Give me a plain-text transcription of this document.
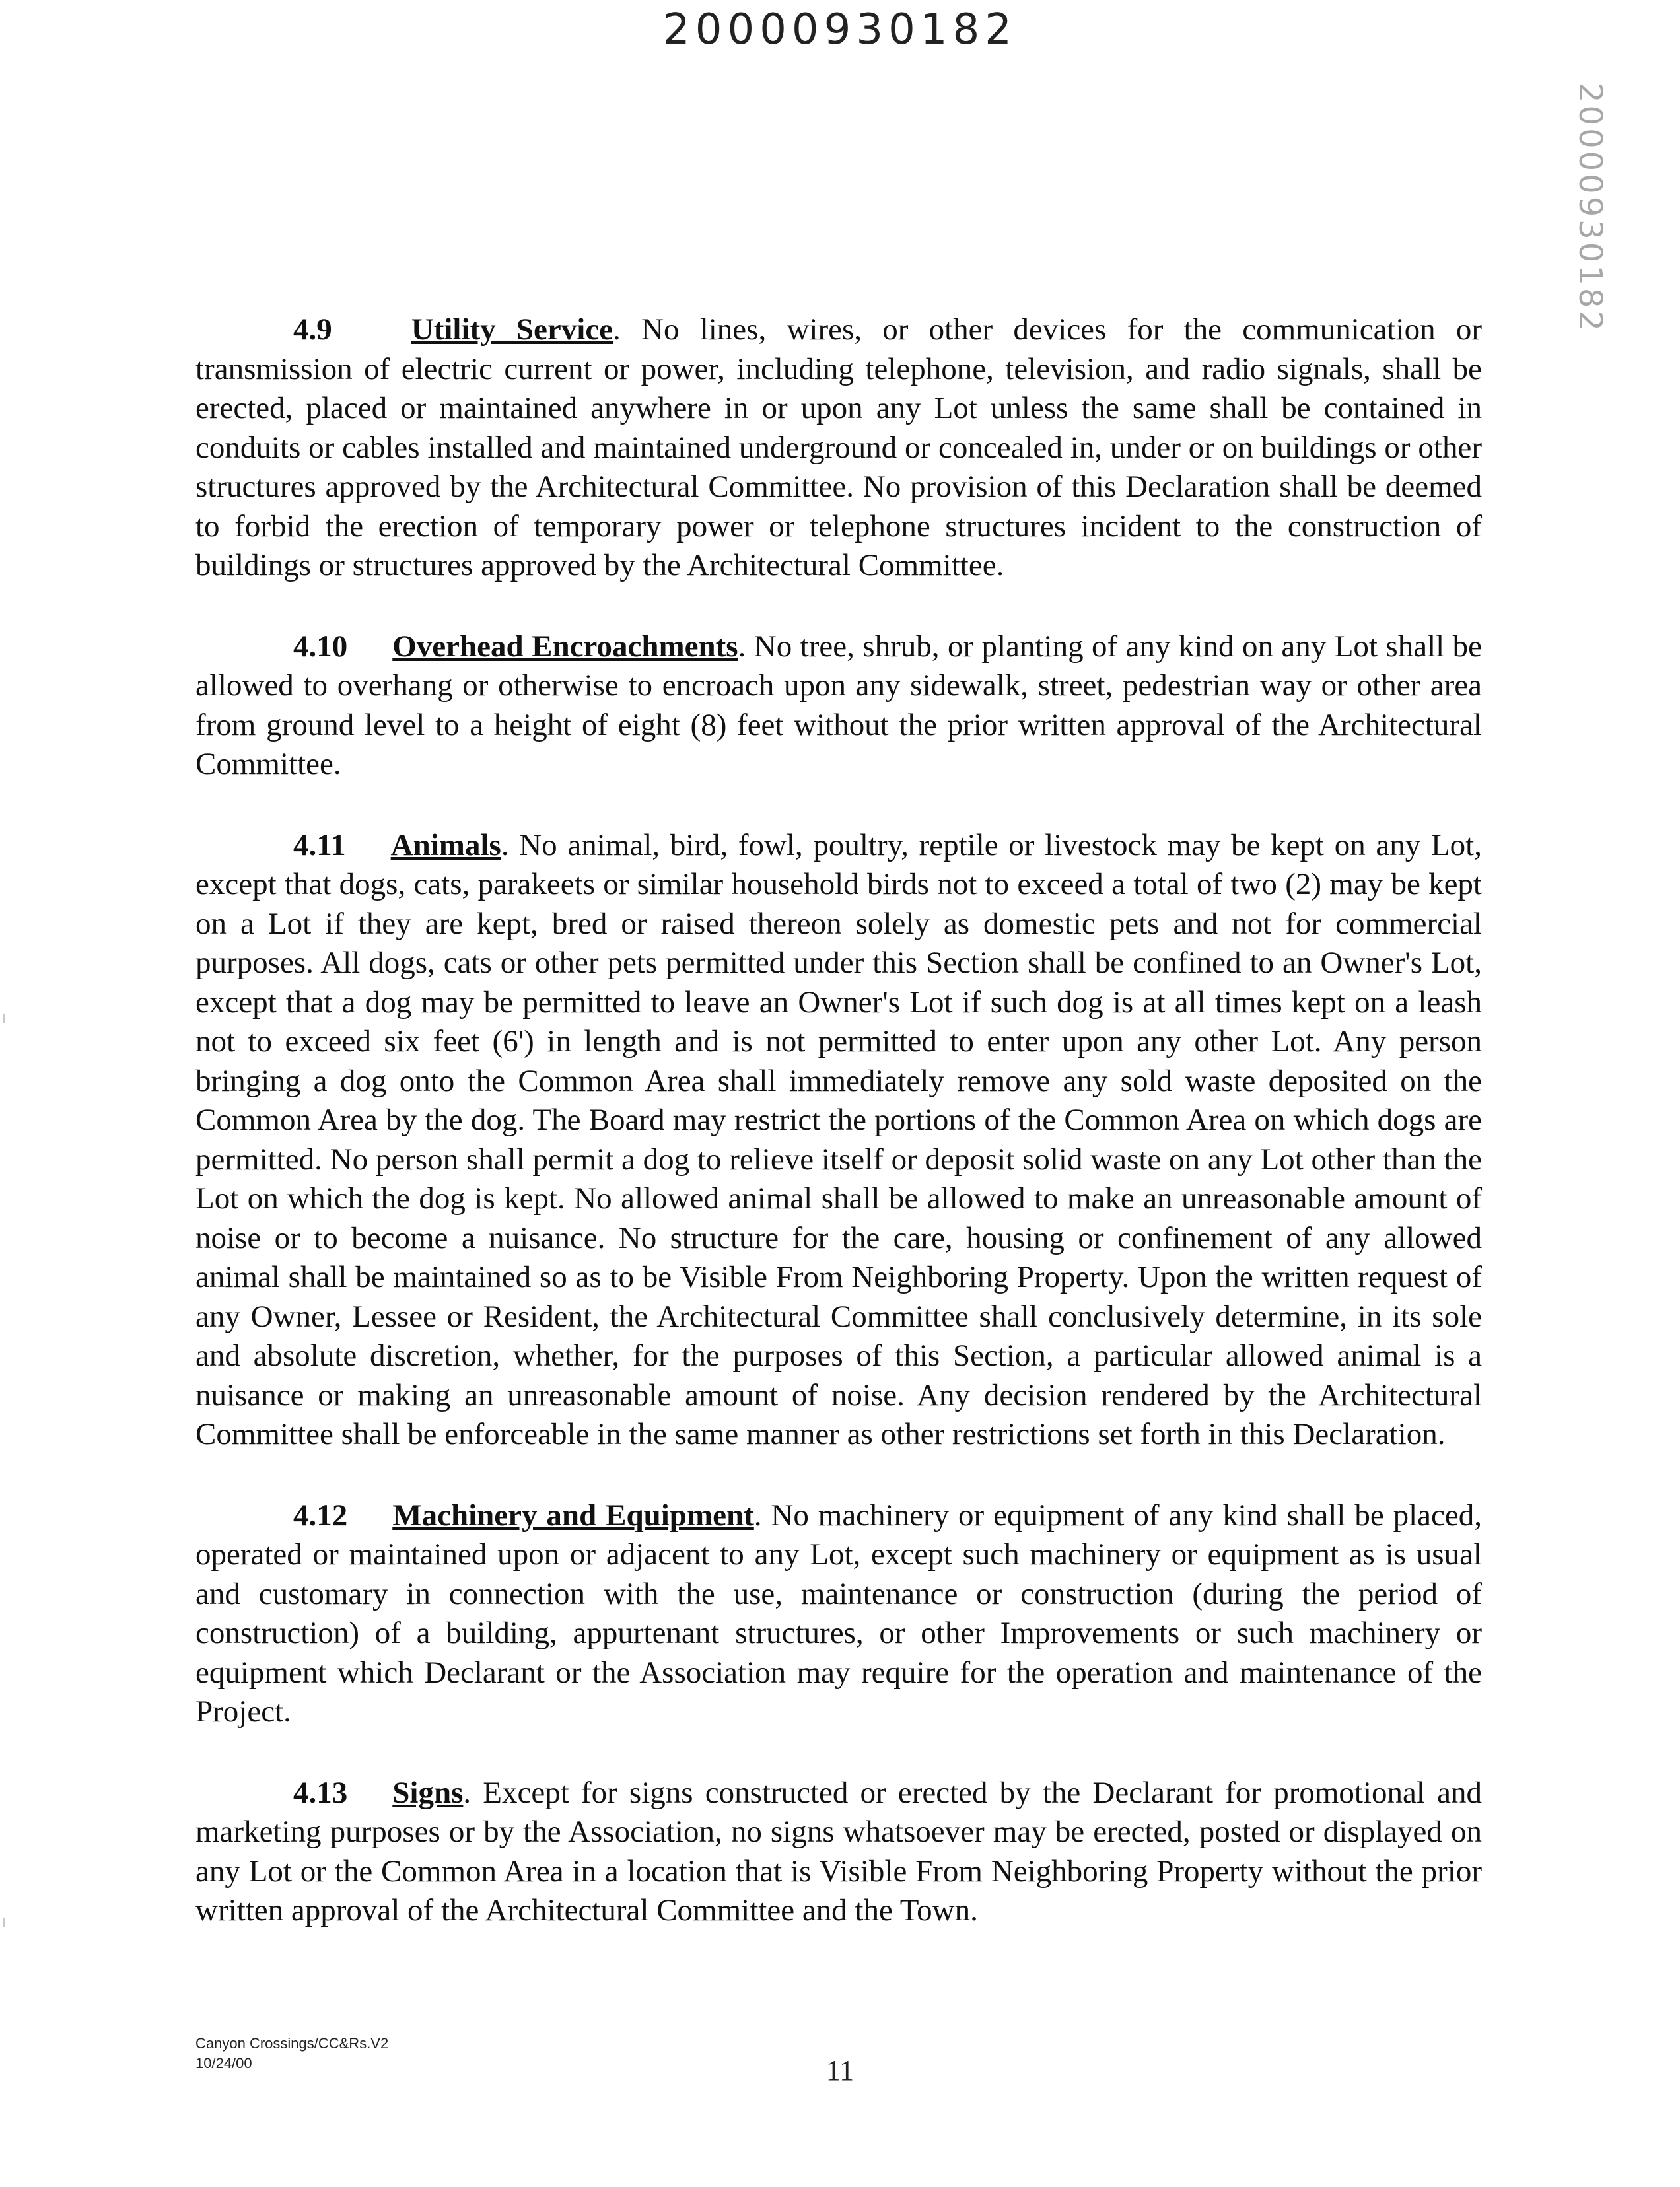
20000930182
20000930182

4.9	Utility Service. No lines, wires, or other devices for the communication or transmission of electric current or power, including telephone, television, and radio signals, shall be erected, placed or maintained anywhere in or upon any Lot unless the same shall be contained in conduits or cables installed and maintained underground or concealed in, under or on buildings or other structures approved by the Architectural Committee. No provision of this Declaration shall be deemed to forbid the erection of temporary power or telephone structures incident to the construction of buildings or structures approved by the Architectural Committee.

4.10 Overhead Encroachments. No tree, shrub, or planting of any kind on any Lot shall be allowed to overhang or otherwise to encroach upon any sidewalk, street, pedestrian way or other area from ground level to a height of eight (8) feet without the prior written approval of the Architectural Committee.

4.11 Animals. No animal, bird, fowl, poultry, reptile or livestock may be kept on any Lot, except that dogs, cats, parakeets or similar household birds not to exceed a total of two (2) may be kept on a Lot if they are kept, bred or raised thereon solely as domestic pets and not for commercial purposes. All dogs, cats or other pets permitted under this Section shall be confined to an Owner's Lot, except that a dog may be permitted to leave an Owner's Lot if such dog is at all times kept on a leash not to exceed six feet (6') in length and is not permitted to enter upon any other Lot. Any person bringing a dog onto the Common Area shall immediately remove any sold waste deposited on the Common Area by the dog. The Board may restrict the portions of the Common Area on which dogs are permitted. No person shall permit a dog to relieve itself or deposit solid waste on any Lot other than the Lot on which the dog is kept. No allowed animal shall be allowed to make an unreasonable amount of noise or to become a nuisance. No structure for the care, housing or confinement of any allowed animal shall be maintained so as to be Visible From Neighboring Property. Upon the written request of any Owner, Lessee or Resident, the Architectural Committee shall conclusively determine, in its sole and absolute discretion, whether, for the purposes of this Section, a particular allowed animal is a nuisance or making an unreasonable amount of noise. Any decision rendered by the Architectural Committee shall be enforceable in the same manner as other restrictions set forth in this Declaration.

4.12 Machinery and Equipment. No machinery or equipment of any kind shall be placed, operated or maintained upon or adjacent to any Lot, except such machinery or equipment as is usual and customary in connection with the use, maintenance or construction (during the period of construction) of a building, appurtenant structures, or other Improvements or such machinery or equipment which Declarant or the Association may require for the operation and maintenance of the Project.

4.13 Signs. Except for signs constructed or erected by the Declarant for promotional and marketing purposes or by the Association, no signs whatsoever may be erected, posted or displayed on any Lot or the Common Area in a location that is Visible From Neighboring Property without the prior written approval of the Architectural Committee and the Town.

Canyon Crossings/CC&Rs.V2
10/24/00	11
